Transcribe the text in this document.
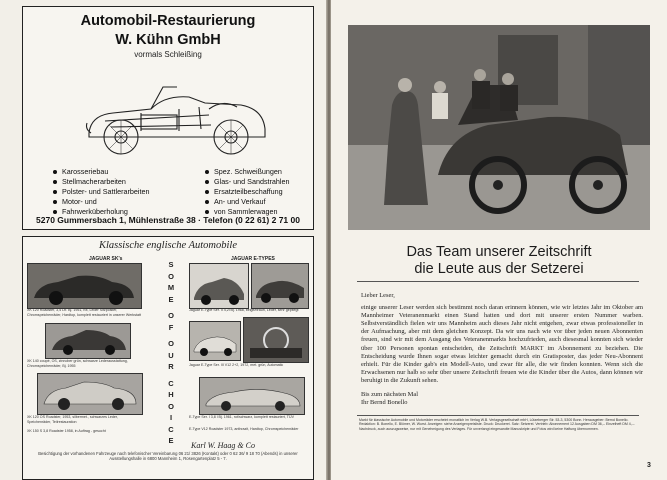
Automobil-Restaurierung
W. Kühn GmbH
vormals Schleißing
Karosseriebau
Stellmacherarbeiten
Polster- und Sattlerarbeiten
Motor- und
Fahrwerküberholung
Spez. Schweißungen
Glas- und Sandstrahlen
Ersatzteilbeschaffung
An- und Verkauf
von Sammlerwagen
5270 Gummersbach 1, Mühlenstraße 38 · Telefon (0 22 61) 2 71 00
Klassische englische Automobile
JAGUAR SK's	JAGUAR E-TYPES
XK 120 Roadster, 3,4 Ltr. Bj. 1951, rot, Leder Sitzpolster, Chromspeichenräder, Hardtop, komplett restauriert in unserer Werkstatt
XK 140 coupé, OS, zinnober grün, schwarze Lederausstattung, Chromspeichenräder, Bj. 1955
XK 120 OS Roadster, 1953, silbermet., schwarzes Leder, Speichenräder, Teilrestauration
XK 150 S 3,8 Roadster 1958, in Auftrag - gesucht
S
O
M
E
O
F
O
U
R
C
H
O
I
C
E
Jaguar E-Type Ser. II 4,2l Bj. 1968, beige/braun, Leder, sehr gepflegt
Jaguar E-Type Ser. III V12 2+2, 1972, met. grün, Automatic
E-Type Ser. I 3,8 l Bj. 1961, rot/schwarz, komplett restauriert, TÜV
E-Type V12 Roadster 1973, anthrazit, Hardtop, Chromspeichenräder
Karl W. Haag & Co
Besichtigung der vorhandenen Fahrzeuge nach telefonischer Vereinbarung 06 21/ 3826 (Kontakt) oder 0 62 36/ 9 18 70 (Abends) in unserer Ausstellungshalle in 6800 Mannheim 1, Rosengartenplatz 5 - 7.
Das Team unserer Zeitschrift
die Leute aus der Setzerei

Lieber Leser,

einige unserer Leser werden sich bestimmt noch daran erinnern können, wie wir letztes Jahr im Oktober am Mannheimer Veteranenmarkt einen Stand hatten und dort mit unserer ersten Nummer warben. Selbstverständlich fielen wir uns Mannheim auch dieses Jahr nicht entgehen, zwar etwas professioneller in der Aufmachung, aber mit dem gleichen Konzept. Da wir uns nach wie vor über jeden neuen Abonnenten freuen, sind wir mit dem Ausgang des Veteranenmarkts hochzufrieden, auch diesesmal konnten sich wieder über 100 Personen spontan entscheiden, die Zeitschrift MARKT im Abonnement zu beziehen. Die Entscheidung wurde Ihnen sogar etwas leichter gemacht durch ein Gratisposter, das jeder Neu-Abonnent erhielt. Für die Kinder gab's ein Modell-Auto, und zwar für alle, die wir finden konnten. Wenn sich die Erwachsenen nur halb so sehr über unsere Zeitschrift freuen wie die Kinder über die Autos, dann können wir beruhigt in die Zukunft sehen.

Bis zum nächsten Mal

Ihr Bernd Bonello

Markt für klassische Automobile und Motorräder erscheint monatlich im Verlag W.B. Verlagsgesellschaft mbH, Lützeberger Str. 53-3, 5300 Bonn. Herausgeber: Bernd Bonello. Redaktion: B. Bonello, E. Blömer, W. Wurst. Anzeigen: siehe Anzeigenpreisliste. Druck: Druckerei. Satz: Setzerei. Vertrieb: Abonnement 12 Ausgaben DM 36,-- Einzelheft DM 4,--. Nachdruck, auch auszugsweise, nur mit Genehmigung des Verlages. Für unverlangt eingesandte Manuskripte und Fotos wird keine Haftung übernommen.
3
